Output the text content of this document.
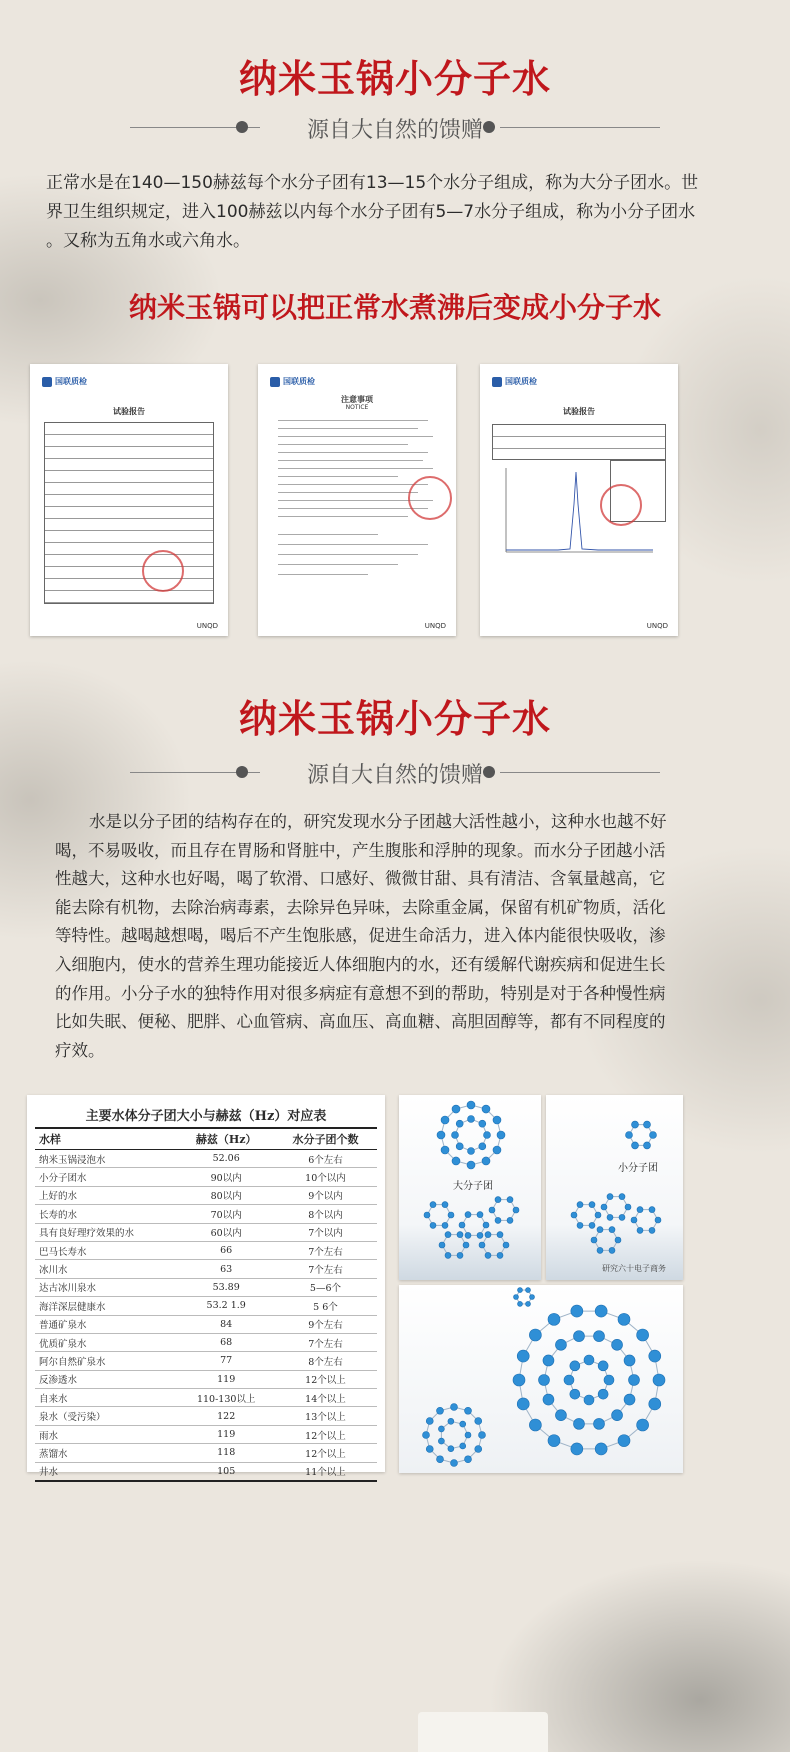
纳米玉锅小分子水
源自大自然的馈赠
正常水是在140—150赫兹每个水分子团有13—15个水分子组成，称为大分子团水。世
界卫生组织规定，进入100赫兹以内每个水分子团有5—7水分子组成，称为小分子团水
。又称为五角水或六角水。
纳米玉锅可以把正常水煮沸后变成小分子水
国联质检
试验报告
UNQD
国联质检
注意事项
NOTICE
UNQD
国联质检
试验报告
UNQD
纳米玉锅小分子水
源自大自然的馈赠
水是以分子团的结构存在的，研究发现水分子团越大活性越小，这种水也越不好
喝，不易吸收，而且存在胃肠和肾脏中，产生腹胀和浮肿的现象。而水分子团越小活
性越大，这种水也好喝，喝了软滑、口感好、微微甘甜、具有清洁、含氧量越高，它
能去除有机物，去除治病毒素，去除异色异味，去除重金属，保留有机矿物质，活化
等特性。越喝越想喝，喝后不产生饱胀感，促进生命活力，进入体内能很快吸收，渗
入细胞内，使水的营养生理功能接近人体细胞内的水，还有缓解代谢疾病和促进生长
的作用。小分子水的独特作用对很多病症有意想不到的帮助，特别是对于各种慢性病
比如失眠、便秘、肥胖、心血管病、高血压、高血糖、高胆固醇等，都有不同程度的
疗效。
主要水体分子团大小与赫兹（Hz）对应表
水样	赫兹（Hz）	水分子团个数
纳米玉锅浸泡水	52.06	6个左右
小分子团水	90以内	10个以内
上好的水	80以内	9个以内
长寿的水	70以内	8个以内
具有良好理疗效果的水	60以内	7个以内
巴马长寿水	66	7个左右
冰川水	63	7个左右
达古冰川泉水	53.89	5—6个
海洋深层健康水	53.2 1.9	5 6个
普通矿泉水	84	9个左右
优质矿泉水	68	7个左右
阿尔自然矿泉水	77	8个左右
反渗透水	119	12个以上
自来水	110-130以上	14个以上
泉水（受污染）	122	13个以上
雨水	119	12个以上
蒸馏水	118	12个以上
井水	105	11个以上
大分子团
小分子团
研究六十电子商务
